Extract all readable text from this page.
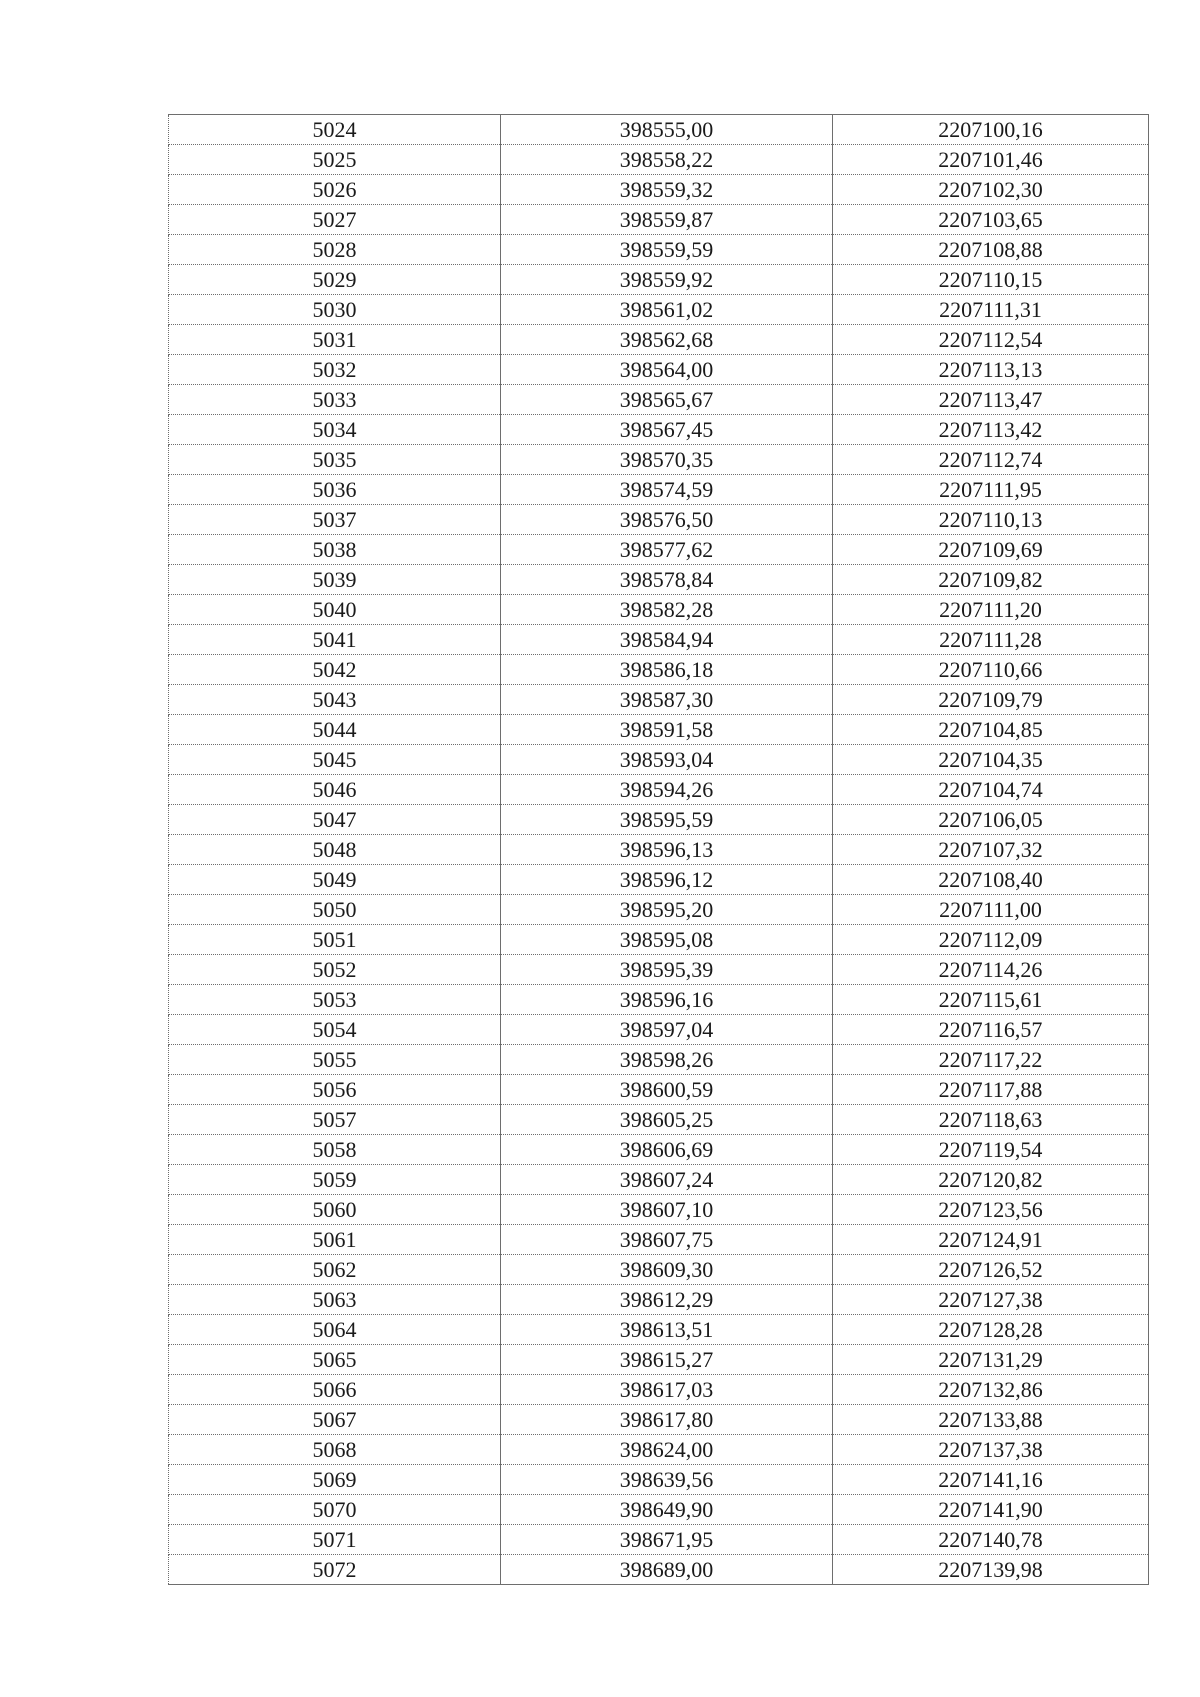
5024	398555,00	2207100,16
5025	398558,22	2207101,46
5026	398559,32	2207102,30
5027	398559,87	2207103,65
5028	398559,59	2207108,88
5029	398559,92	2207110,15
5030	398561,02	2207111,31
5031	398562,68	2207112,54
5032	398564,00	2207113,13
5033	398565,67	2207113,47
5034	398567,45	2207113,42
5035	398570,35	2207112,74
5036	398574,59	2207111,95
5037	398576,50	2207110,13
5038	398577,62	2207109,69
5039	398578,84	2207109,82
5040	398582,28	2207111,20
5041	398584,94	2207111,28
5042	398586,18	2207110,66
5043	398587,30	2207109,79
5044	398591,58	2207104,85
5045	398593,04	2207104,35
5046	398594,26	2207104,74
5047	398595,59	2207106,05
5048	398596,13	2207107,32
5049	398596,12	2207108,40
5050	398595,20	2207111,00
5051	398595,08	2207112,09
5052	398595,39	2207114,26
5053	398596,16	2207115,61
5054	398597,04	2207116,57
5055	398598,26	2207117,22
5056	398600,59	2207117,88
5057	398605,25	2207118,63
5058	398606,69	2207119,54
5059	398607,24	2207120,82
5060	398607,10	2207123,56
5061	398607,75	2207124,91
5062	398609,30	2207126,52
5063	398612,29	2207127,38
5064	398613,51	2207128,28
5065	398615,27	2207131,29
5066	398617,03	2207132,86
5067	398617,80	2207133,88
5068	398624,00	2207137,38
5069	398639,56	2207141,16
5070	398649,90	2207141,90
5071	398671,95	2207140,78
5072	398689,00	2207139,98
